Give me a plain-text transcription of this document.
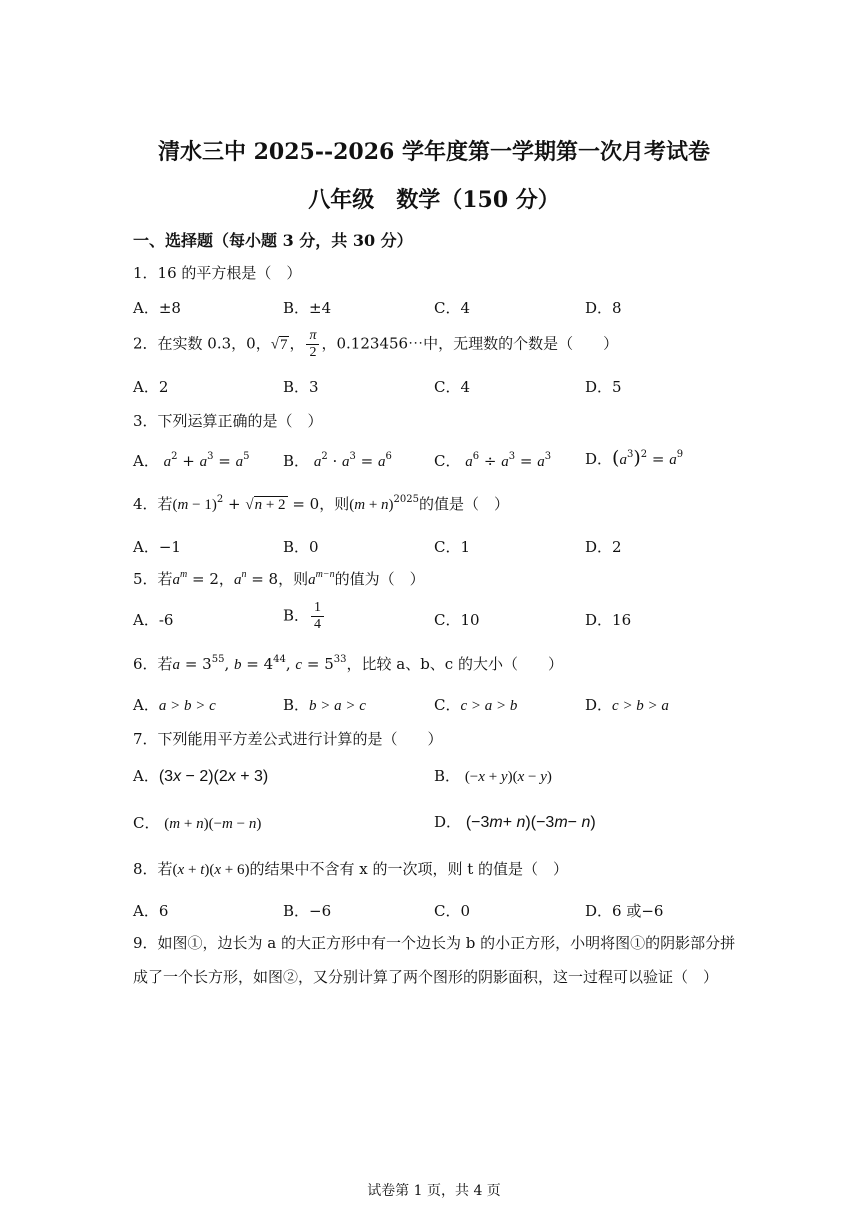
清水三中 2025--2026 学年度第一学期第一次月考试卷
八年级　数学（150 分）
一、选择题（每小题 3 分，共 30 分）
1．16 的平方根是（　）
A．±8	B．±4	C．4	D．8
2．在实数 0.3，0，√7 ， $\frac{\pi}{2}$ ，0.123456⋯中，无理数的个数是（　　）
A．2	B．3	C．4	D．5
3．下列运算正确的是（　）
A． $a^2 + a^3 = a^5$ B． $a^2 \cdot a^3 = a^6$	C． $a^6 \div a^3 = a^3$ D．$(a^3)^2 = a^9$
4．若$(m - 1)^2 + √n + 2 = 0$，则$(m + n)^{2025}$的值是（　）
A．−1	B．0	C．1	D．2
5．若$a^m = 2$，$a^n = 8$，则$a^{m-n}$的值为（　）
A．-6	B． $\frac{1}{4}$	C．10	D．16
6．若$a = 3^{55}$, $b = 4^{44}$, $c = 5^{33}$，比较 a、b、c 的大小（　　）
A．a > b > c	B．b > a > c	C．c > a > b	D．c > b > a
7．下列能用平方差公式进行计算的是（　　）
A．(3x − 2)(2x + 3)	B． (−x + y)(x − y)
C． (m + n)(−m − n)	D． (−3m+ n)(−3m− n)
8．若(x + t)(x + 6)的结果中不含有 x 的一次项，则 t 的值是（　）
A．6	B．−6	C．0	D．6 或−6
9．如图①，边长为 a 的大正方形中有一个边长为 b 的小正方形，小明将图①的阴影部分拼
成了一个长方形，如图②，又分别计算了两个图形的阴影面积，这一过程可以验证（　）
试卷第 1 页，共 4 页
